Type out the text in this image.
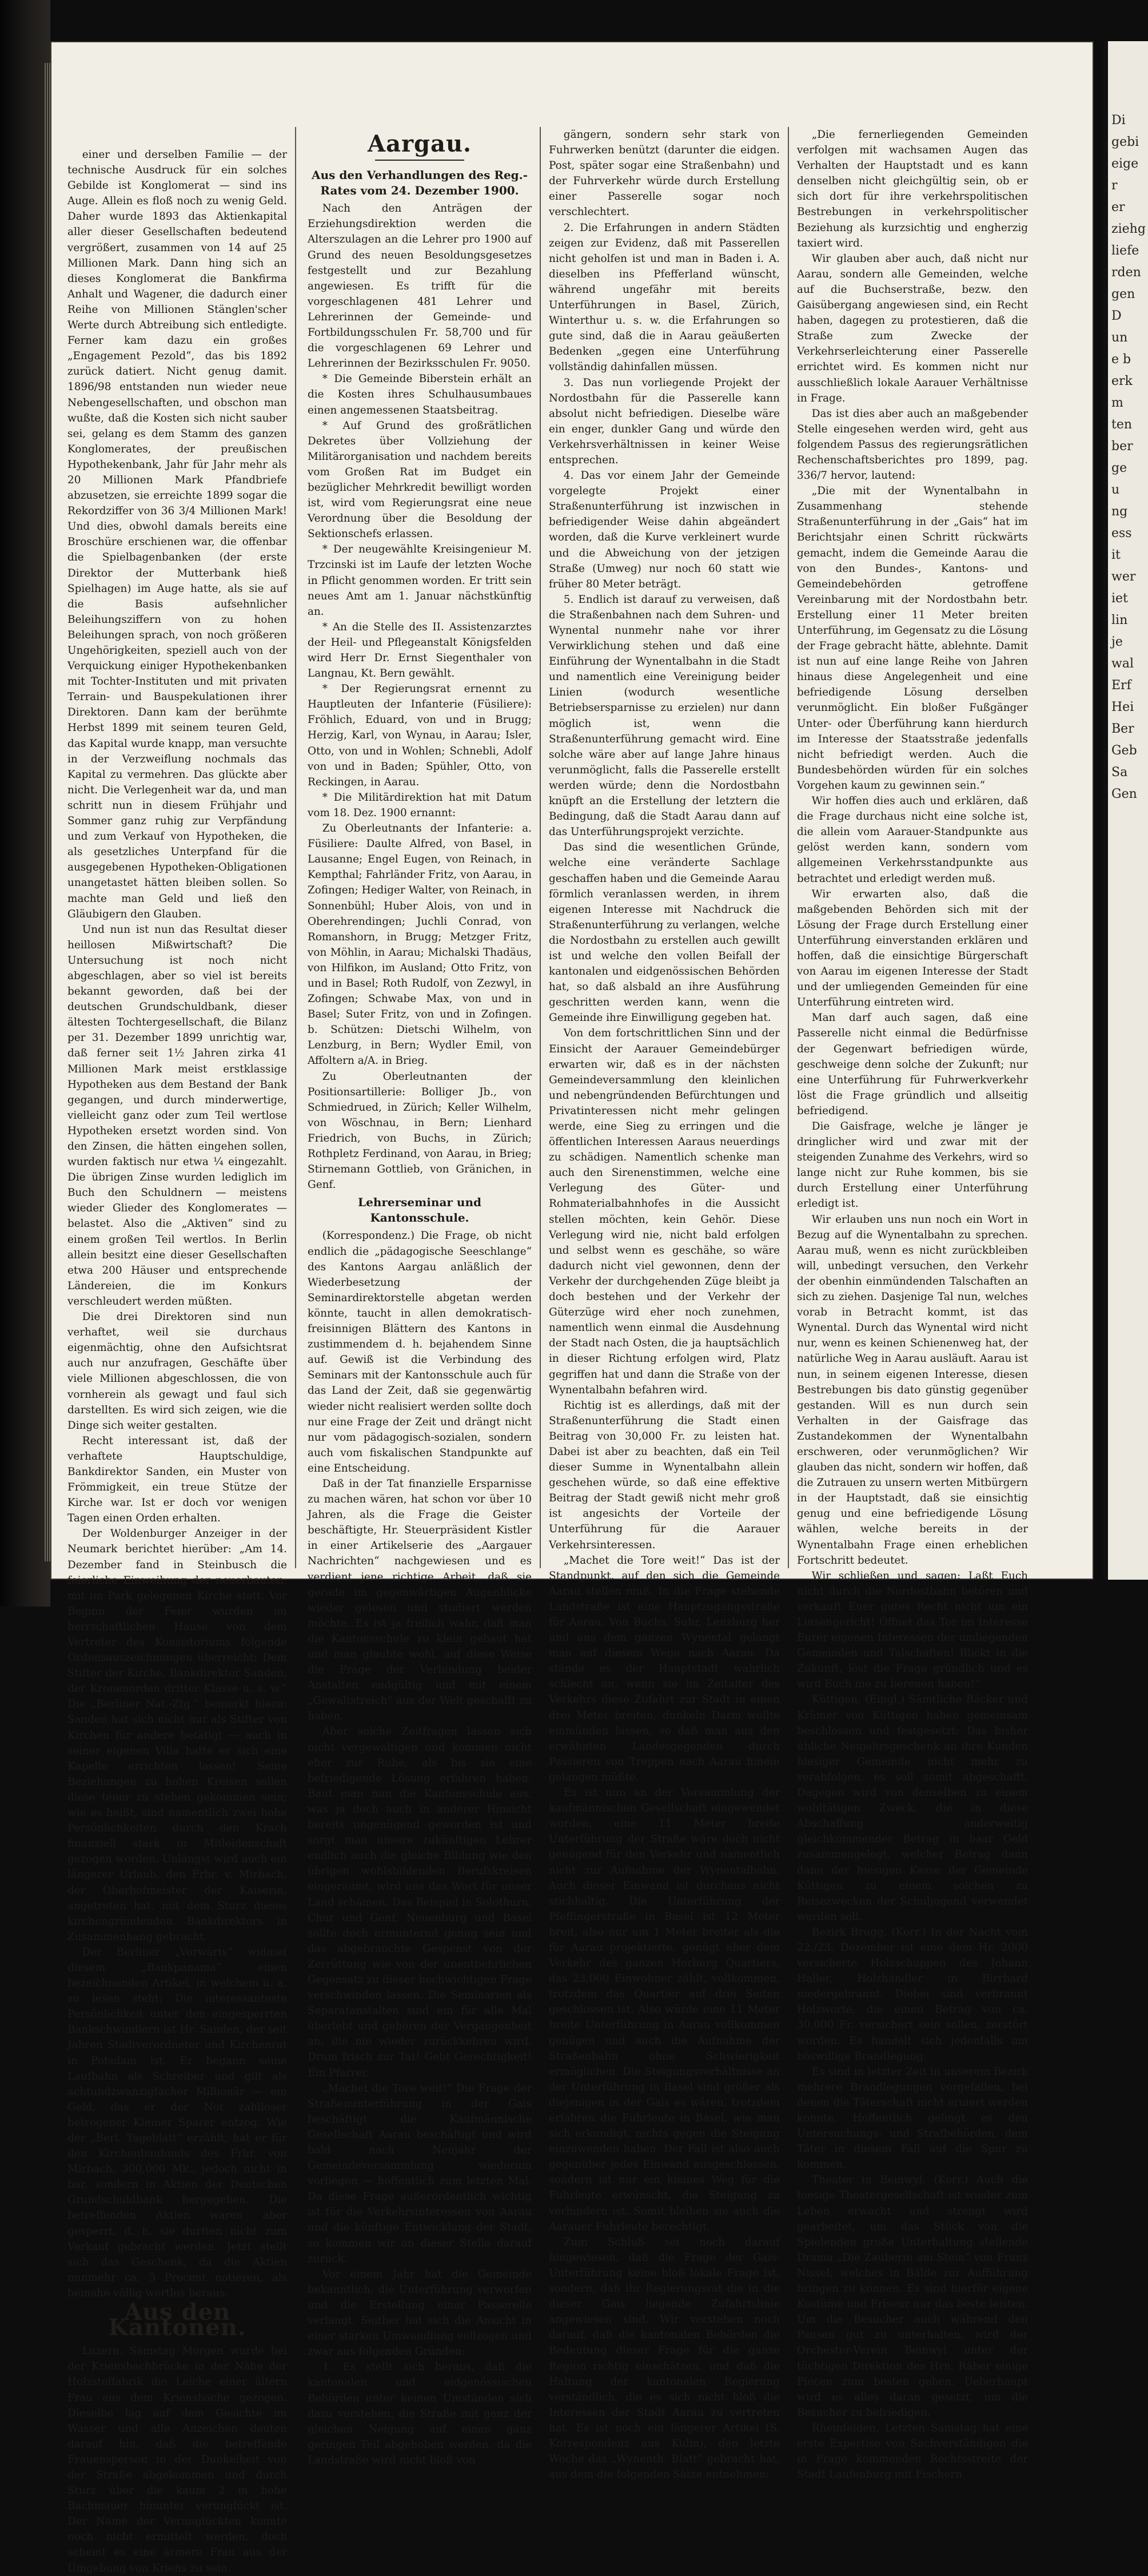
einer und derselben Familie — der technische Ausdruck für ein solches Gebilde ist Konglomerat — sind ins Auge. Allein es floß noch zu wenig Geld. Daher wurde 1893 das Aktienkapital aller dieser Gesellschaften bedeutend vergrößert, zusammen von 14 auf 25 Millionen Mark. Dann hing sich an dieses Konglomerat die Bankfirma Anhalt und Wagener, die dadurch einer Reihe von Millionen Stänglen'scher Werte durch Abtreibung sich entledigte. Ferner kam dazu ein großes „Engagement Pezold“, das bis 1892 zurück datiert. Nicht genug damit. 1896/98 entstanden nun wieder neue Nebengesellschaften, und obschon man wußte, daß die Kosten sich nicht sauber sei, gelang es dem Stamm des ganzen Konglomerates, der preußischen Hypothekenbank, Jahr für Jahr mehr als 20 Millionen Mark Pfandbriefe abzusetzen, sie erreichte 1899 sogar die Rekordziffer von 36 3/4 Millionen Mark! Und dies, obwohl damals bereits eine Broschüre erschienen war, die offenbar die Spielbagenbanken (der erste Direktor der Mutterbank hieß Spielhagen) im Auge hatte, als sie auf die Basis aufsehnlicher Beleihungsziffern von zu hohen Beleihungen sprach, von noch größeren Ungehörigkeiten, speziell auch von der Verquickung einiger Hypothekenbanken mit Tochter-Instituten und mit privaten Terrain- und Bauspekulationen ihrer Direktoren. Dann kam der berühmte Herbst 1899 mit seinem teuren Geld, das Kapital wurde knapp, man versuchte in der Verzweiflung nochmals das Kapital zu vermehren. Das glückte aber nicht. Die Verlegenheit war da, und man schritt nun in diesem Frühjahr und Sommer ganz ruhig zur Verpfändung und zum Verkauf von Hypotheken, die als gesetzliches Unterpfand für die ausgegebenen Hypotheken-Obligationen unangetastet hätten bleiben sollen. So machte man Geld und ließ den Gläubigern den Glauben.

Und nun ist nun das Resultat dieser heillosen Mißwirtschaft? Die Untersuchung ist noch nicht abgeschlagen, aber so viel ist bereits bekannt geworden, daß bei der deutschen Grundschuldbank, dieser ältesten Tochtergesellschaft, die Bilanz per 31. Dezember 1899 unrichtig war, daß ferner seit 1½ Jahren zirka 41 Millionen Mark meist erstklassige Hypotheken aus dem Bestand der Bank gegangen, und durch minderwertige, vielleicht ganz oder zum Teil wertlose Hypotheken ersetzt worden sind. Von den Zinsen, die hätten eingehen sollen, wurden faktisch nur etwa ¼ eingezahlt. Die übrigen Zinse wurden lediglich im Buch den Schuldnern — meistens wieder Glieder des Konglomerates — belastet. Also die „Aktiven“ sind zu einem großen Teil wertlos. In Berlin allein besitzt eine dieser Gesellschaften etwa 200 Häuser und entsprechende Ländereien, die im Konkurs verschleudert werden müßten.

Die drei Direktoren sind nun verhaftet, weil sie durchaus eigenmächtig, ohne den Aufsichtsrat auch nur anzufragen, Geschäfte über viele Millionen abgeschlossen, die von vornherein als gewagt und faul sich darstellten. Es wird sich zeigen, wie die Dinge sich weiter gestalten.

Recht interessant ist, daß der verhaftete Hauptschuldige, Bankdirektor Sanden, ein Muster von Frömmigkeit, ein treue Stütze der Kirche war. Ist er doch vor wenigen Tagen einen Orden erhalten.

Der Woldenburger Anzeiger in der Neumark berichtet hierüber: „Am 14. Dezember fand in Steinbusch die feierliche Einweihung der neuerbauten, mit im Park gelegenen Kirche statt. Vor Beginn der Feier wurden im herrschaftlichen Hause von dem Vertreter des Konsistoriums folgende Ordensauszeichnungen überreicht: Dem Stifter der Kirche, Bankdirektor Sanden, der Kronenorden dritter Klasse u. s. w.“ Die „Berliner Nat.-Ztg.“ bemerkt hiezu: Sanden hat sich nicht nur als Stifter von Kirchen für andere betätigt — auch in seiner eigenen Villa hatte er sich eine Kapelle errichten lassen! Seine Beziehungen zu hohen Kreisen sollen diese teuer zu stehen gekommen sein; wie es heißt, sind namentlich zwei hohe Persönlichkeiten durch den Krach finanziell stark in Mitleidenschaft gezogen worden. Unlängst wird auch ein längerer Urlaub, den Frhr. v. Mirbach, der Oberhofmeister der Kaiserin, angetreten hat, mit dem Sturz dieses kirchengründenden Bankdirektors in Zusammenhang gebracht.

Der Berliner „Vorwärts“ widmet diesem „Bankpanama“ einen bezeichnenden Artikel, in welchem u. a. zu lesen steht: Die interessanteste Persönlichkeit unter den eingesperrten Bankschwindlern ist Hr. Sanden, der seit Jahren Stadtverordneter und Kirchenrat in Potsdam ist. Er begann seine Laufbahn als Schreiber und gilt als achtundzwanzigfacher Millionär — ein Geld, das er der Not zahlloser betrogener Kleiner Sparer entzog. Wie der „Berl. Tageblatt“ erzählt, hat er für den Kirchenbaufonds des Frhr. von Mirbach, 300,000 Mk., jedoch nicht in bar, sondern in Aktien der Deutschen Grundschuldbank hergegeben. Die betreffenden Aktien waren aber gesperrt, d. h. sie durften nicht zum Verkauf gebracht werden. Jetzt stellt sich das Geschenk, da die Aktien nunmehr ca. 5 Procent notieren, als beinahe völlig wertlos heraus.

Aus den Kantonen.

Luzern. Samstag Morgen wurde bei der Kriensbachbrücke in der Nähe der Holzstoffabrik die Leiche einer ältern Frau aus dem Kriensbache gezogen. Dieselbe lag auf dem Gesichte im Wasser und alle Anzeichen deuten darauf hin, daß die betreffende Frauensperson in der Dunkelheit von der Straße abgekommen und durch Sturz über die kaum 2 m hohe Bachmauer hinunter verunglückt ist. Der Name der Verunglückten konnte noch nicht ermittelt werden, doch scheint es eine ärmere Frau aus der Umgebung von Kriens zu sein.

Aargau.
Aus den Verhandlungen des Reg.-Rates vom 24. Dezember 1900.

Nach den Anträgen der Erziehungsdirektion werden die Alterszulagen an die Lehrer pro 1900 auf Grund des neuen Besoldungsgesetzes festgestellt und zur Bezahlung angewiesen. Es trifft für die vorgeschlagenen 481 Lehrer und Lehrerinnen der Gemeinde- und Fortbildungsschulen Fr. 58,700 und für die vorgeschlagenen 69 Lehrer und Lehrerinnen der Bezirksschulen Fr. 9050.

* Die Gemeinde Biberstein erhält an die Kosten ihres Schulhausumbaues einen angemessenen Staatsbeitrag.

* Auf Grund des großrätlichen Dekretes über Vollziehung der Militärorganisation und nachdem bereits vom Großen Rat im Budget ein bezüglicher Mehrkredit bewilligt worden ist, wird vom Regierungsrat eine neue Verordnung über die Besoldung der Sektionschefs erlassen.

* Der neugewählte Kreisingenieur M. Trzcinski ist im Laufe der letzten Woche in Pflicht genommen worden. Er tritt sein neues Amt am 1. Januar nächstkünftig an.

* An die Stelle des II. Assistenzarztes der Heil- und Pflegeanstalt Königsfelden wird Herr Dr. Ernst Siegenthaler von Langnau, Kt. Bern gewählt.

* Der Regierungsrat ernennt zu Hauptleuten der Infanterie (Füsiliere): Fröhlich, Eduard, von und in Brugg; Herzig, Karl, von Wynau, in Aarau; Isler, Otto, von und in Wohlen; Schnebli, Adolf von und in Baden; Spühler, Otto, von Reckingen, in Aarau.

* Die Militärdirektion hat mit Datum vom 18. Dez. 1900 ernannt:

Zu Oberleutnants der Infanterie: a. Füsiliere: Daulte Alfred, von Basel, in Lausanne; Engel Eugen, von Reinach, in Kempthal; Fahrländer Fritz, von Aarau, in Zofingen; Hediger Walter, von Reinach, in Sonnenbühl; Huber Alois, von und in Oberehrendingen; Juchli Conrad, von Romanshorn, in Brugg; Metzger Fritz, von Möhlin, in Aarau; Michalski Thadäus, von Hilfikon, im Ausland; Otto Fritz, von und in Basel; Roth Rudolf, von Zezwyl, in Zofingen; Schwabe Max, von und in Basel; Suter Fritz, von und in Zofingen. b. Schützen: Dietschi Wilhelm, von Lenzburg, in Bern; Wydler Emil, von Affoltern a/A. in Brieg.

Zu Oberleutnanten der Positionsartillerie: Bolliger Jb., von Schmiedrued, in Zürich; Keller Wilhelm, von Wöschnau, in Bern; Lienhard Friedrich, von Buchs, in Zürich; Rothpletz Ferdinand, von Aarau, in Brieg; Stirnemann Gottlieb, von Gränichen, in Genf.

Lehrerseminar und Kantonsschule.

(Korrespondenz.) Die Frage, ob nicht endlich die „pädagogische Seeschlange“ des Kantons Aargau anläßlich der Wiederbesetzung der Seminardirektorstelle abgetan werden könnte, taucht in allen demokratisch-freisinnigen Blättern des Kantons in zustimmendem d. h. bejahendem Sinne auf. Gewiß ist die Verbindung des Seminars mit der Kantonsschule auch für das Land der Zeit, daß sie gegenwärtig wieder nicht realisiert werden sollte doch nur eine Frage der Zeit und drängt nicht nur vom pädagogisch-sozialen, sondern auch vom fiskalischen Standpunkte auf eine Entscheidung.

Daß in der Tat finanzielle Ersparnisse zu machen wären, hat schon vor über 10 Jahren, als die Frage die Geister beschäftigte, Hr. Steuerpräsident Kistler in einer Artikelserie des „Aargauer Nachrichten“ nachgewiesen und es verdient jene richtige Arbeit, daß sie gerade im gegenwärtigen Augenblicke wieder gelesen und studiert werden möchte. Es ist ja freilich wahr, daß man die Kantonsschule zu klein gebaut hat und man glaubte wohl, auf diese Weise die Frage der Verbindung beider Anstalten endgültig und mit einem „Gewaltstreich“ aus der Welt geschafft zu haben.

Aber solche Zeitfragen lassen sich nicht vergewaltigen und kommen nicht eher zur Ruhe, als bis sie eine befriedigende Lösung erfahren haben. Baut man nun die Kantonsschule aus, was ja doch auch in anderer Hinsicht bereits ungenügend geworden ist und sorgt man unsere zukünftigen Lehrer endlich auch die gleiche Bildung wie den übrigen wohlsbildenden Berufskreisen eingeräumt, wird uns das Wort für unser Land schämen. Das Beispiel in Solothurn, Chur und Genf, Neuenburg und Basel sollte doch ermunternd genug sein und das abgebrauchte Gespenst von der Zerrüttung wie von der unentbehrlichen Gegensatz zu dieser hochwichtigen Frage verschwinden lassen. Die Seminarien als Separatanstalten sind ein für alle Mal überlebt und gehören der Vergangenheit an, die nie wieder zurückkehren wird. Drum frisch zur Tat! Gebt Gerechtigkeit! Ein Pfarrer.

„Machet die Tore weit!“ Die Frage der Straßenunterführung in der Gais beschäftigt die Kaufmännische Gesellschaft Aarau beschäftigt und wird bald nach Neujahr der Gemeindeversammlung wiederum vorliegen — hoffentlich zum letzten Mal. Da diese Frage außerordentlich wichtig ist für die Verkehrsinteressen von Aarau und die künftige Entwicklung der Stadt, so kommen wir an dieser Stelle darauf zurück.

Vor einem Jahr hat die Gemeinde bekanntlich, die Unterführung verworfen und die Erstellung einer Passerelle verlangt. Seither hat sich die Ansicht in einer starken Umwandlung vollzogen und zwar aus folgenden Gründen:

1. Es stellt sich heraus, daß die kantonalen und eidgenössischen Behörden unter keinen Umständen sich dazu verstehen, die Straße mit ganz der gleichen Neigung auf einen ganz geringen Teil abgehoben werden, da die Landstraße wird nicht bloß von

gängern, sondern sehr stark von Fuhrwerken benützt (darunter die eidgen. Post, später sogar eine Straßenbahn) und der Fuhrverkehr würde durch Erstellung einer Passerelle sogar noch verschlechtert.

2. Die Erfahrungen in andern Städten zeigen zur Evidenz, daß mit Passerellen nicht geholfen ist und man in Baden i. A. dieselben ins Pfefferland wünscht, während ungefähr mit bereits Unterführungen in Basel, Zürich, Winterthur u. s. w. die Erfahrungen so gute sind, daß die in Aarau geäußerten Bedenken „gegen eine Unterführung vollständig dahinfallen müssen.

3. Das nun vorliegende Projekt der Nordostbahn für die Passerelle kann absolut nicht befriedigen. Dieselbe wäre ein enger, dunkler Gang und würde den Verkehrsverhältnissen in keiner Weise entsprechen.

4. Das vor einem Jahr der Gemeinde vorgelegte Projekt einer Straßenunterführung ist inzwischen in befriedigender Weise dahin abgeändert worden, daß die Kurve verkleinert wurde und die Abweichung von der jetzigen Straße (Umweg) nur noch 60 statt wie früher 80 Meter beträgt.

5. Endlich ist darauf zu verweisen, daß die Straßenbahnen nach dem Suhren- und Wynental nunmehr nahe vor ihrer Verwirklichung stehen und daß eine Einführung der Wynentalbahn in die Stadt und namentlich eine Vereinigung beider Linien (wodurch wesentliche Betriebsersparnisse zu erzielen) nur dann möglich ist, wenn die Straßenunterführung gemacht wird. Eine solche wäre aber auf lange Jahre hinaus verunmöglicht, falls die Passerelle erstellt werden würde; denn die Nordostbahn knüpft an die Erstellung der letztern die Bedingung, daß die Stadt Aarau dann auf das Unterführungsprojekt verzichte.

Das sind die wesentlichen Gründe, welche eine veränderte Sachlage geschaffen haben und die Gemeinde Aarau förmlich veranlassen werden, in ihrem eigenen Interesse mit Nachdruck die Straßenunterführung zu verlangen, welche die Nordostbahn zu erstellen auch gewillt ist und welche den vollen Beifall der kantonalen und eidgenössischen Behörden hat, so daß alsbald an ihre Ausführung geschritten werden kann, wenn die Gemeinde ihre Einwilligung gegeben hat.

Von dem fortschrittlichen Sinn und der Einsicht der Aarauer Gemeindebürger erwarten wir, daß es in der nächsten Gemeindeversammlung den kleinlichen und nebengründenden Befürchtungen und Privatinteressen nicht mehr gelingen werde, eine Sieg zu erringen und die öffentlichen Interessen Aaraus neuerdings zu schädigen. Namentlich schenke man auch den Sirenenstimmen, welche eine Verlegung des Güter- und Rohmaterialbahnhofes in die Aussicht stellen möchten, kein Gehör. Diese Verlegung wird nie, nicht bald erfolgen und selbst wenn es geschähe, so wäre dadurch nicht viel gewonnen, denn der Verkehr der durchgehenden Züge bleibt ja doch bestehen und der Verkehr der Güterzüge wird eher noch zunehmen, namentlich wenn einmal die Ausdehnung der Stadt nach Osten, die ja hauptsächlich in dieser Richtung erfolgen wird, Platz gegriffen hat und dann die Straße von der Wynentalbahn befahren wird.

Richtig ist es allerdings, daß mit der Straßenunterführung die Stadt einen Beitrag von 30,000 Fr. zu leisten hat. Dabei ist aber zu beachten, daß ein Teil dieser Summe in Wynentalbahn allein geschehen würde, so daß eine effektive Beitrag der Stadt gewiß nicht mehr groß ist angesichts der Vorteile der Unterführung für die Aarauer Verkehrsinteressen.

„Machet die Tore weit!“ Das ist der Standpunkt, auf den sich die Gemeinde Aarau stellen muß. In die Frage stehende Landstraße ist eine Hauptzugangsstraße für Aarau. Von Buchs, Suhr, Lenzburg her und aus dem ganzen Wynental gelangt man auf diesem Wege nach Aarau. Da stände es der Hauptstadt wahrlich schlecht an, wenn sie im Zeitalter des Verkehrs diese Zufahrt zur Stadt in einen drei Meter breiten, dunkeln Darm wollte einmünden lassen, so daß man aus den erwähnten Landesgegenden durch Passieren von Treppen nach Aarau hinein gelangen müßte.

Es ist nun an der Versammlung der kaufmännischen Gesellschaft eingewendet worden, eine 11 Meter breite Unterführung der Straße wäre doch nicht genügend für den Verkehr und namentlich nicht zur Aufnahme der Wynentalbahn. Auch dieser Einwand ist durchaus nicht stichhaltig. Die Unterführung der Pfeffingerstraße in Basel ist 12 Meter breit, also nur um 1 Meter breiter als die für Aarau projektierte, genügt aber dem Verkehr des ganzen Horburg Quartiers, das 23,000 Einwohner zählt, vollkommen, trotzdem das Quartier auf drei Seiten geschlossen ist. Also würde eine 11 Meter breite Unterführung in Aarau vollkommen genügen und auch die Aufnahme der Straßenbahn ohne Schwierigkeit ermöglichen. Die Steigungsverhältnisse an der Unterführung in Basel sind größer als diejenigen in der Gais es wären, trotzdem erfahren die Fuhrleute in Basel, wie man sich erkundigt, nichts gegen die Steigung einzuwenden haben. Der Fall ist also auch gegenüber jedes Einwand ausgeschlossen, sondern ist nur ein kleines Weg für die Fuhrleute erwünscht, die Steigung zu verhindern ist. Somit bleiben sie auch die Aarauer Fuhrleute berechtigt.

Zum Schluß sei noch darauf hingewiesen, daß die Frage der Gais-Unterführung keine bloß lokale Frage ist, sondern, daß ihr Regierungsrat die in die dieser Gais liegende Zufahrtslinie angewiesen sind. Wir verstehen noch darauf, daß die kantonalen Behörden die Bedeutung dieser Frage für die ganze Region richtig einschätzen, und daß die Haltung der kantonalen Regierung verständlich, die es sich nicht bloß die Interessen der Stadt Aarau zu vertreten hat. Es ist noch ein längerer Artikel (S. Korrespondenz aus Kulm), den letzte Woche das „Wynenth. Blatt“ gebracht hat, aus dem die folgenden Sätze entnehmen:

„Die fernerliegenden Gemeinden verfolgen mit wachsamen Augen das Verhalten der Hauptstadt und es kann denselben nicht gleichgültig sein, ob er sich dort für ihre verkehrspolitischen Bestrebungen in verkehrspolitischer Beziehung als kurzsichtig und engherzig taxiert wird.

Wir glauben aber auch, daß nicht nur Aarau, sondern alle Gemeinden, welche auf die Buchserstraße, bezw. den Gaisübergang angewiesen sind, ein Recht haben, dagegen zu protestieren, daß die Straße zum Zwecke der Verkehrserleichterung einer Passerelle errichtet wird. Es kommen nicht nur ausschließlich lokale Aarauer Verhältnisse in Frage.

Das ist dies aber auch an maßgebender Stelle eingesehen werden wird, geht aus folgendem Passus des regierungsrätlichen Rechenschaftsberichtes pro 1899, pag. 336/7 hervor, lautend:

„Die mit der Wynentalbahn in Zusammenhang stehende Straßenunterführung in der „Gais“ hat im Berichtsjahr einen Schritt rückwärts gemacht, indem die Gemeinde Aarau die von den Bundes-, Kantons- und Gemeindebehörden getroffene Vereinbarung mit der Nordostbahn betr. Erstellung einer 11 Meter breiten Unterführung, im Gegensatz zu die Lösung der Frage gebracht hätte, ablehnte. Damit ist nun auf eine lange Reihe von Jahren hinaus diese Angelegenheit und eine befriedigende Lösung derselben verunmöglicht. Ein bloßer Fußgänger Unter- oder Überführung kann hierdurch im Interesse der Staatsstraße jedenfalls nicht befriedigt werden. Auch die Bundesbehörden würden für ein solches Vorgehen kaum zu gewinnen sein.“

Wir hoffen dies auch und erklären, daß die Frage durchaus nicht eine solche ist, die allein vom Aarauer-Standpunkte aus gelöst werden kann, sondern vom allgemeinen Verkehrsstandpunkte aus betrachtet und erledigt werden muß.

Wir erwarten also, daß die maßgebenden Behörden sich mit der Lösung der Frage durch Erstellung einer Unterführung einverstanden erklären und hoffen, daß die einsichtige Bürgerschaft von Aarau im eigenen Interesse der Stadt und der umliegenden Gemeinden für eine Unterführung eintreten wird.

Man darf auch sagen, daß eine Passerelle nicht einmal die Bedürfnisse der Gegenwart befriedigen würde, geschweige denn solche der Zukunft; nur eine Unterführung für Fuhrwerkverkehr löst die Frage gründlich und allseitig befriedigend.

Die Gaisfrage, welche je länger je dringlicher wird und zwar mit der steigenden Zunahme des Verkehrs, wird so lange nicht zur Ruhe kommen, bis sie durch Erstellung einer Unterführung erledigt ist.

Wir erlauben uns nun noch ein Wort in Bezug auf die Wynentalbahn zu sprechen. Aarau muß, wenn es nicht zurückbleiben will, unbedingt versuchen, den Verkehr der obenhin einmündenden Talschaften an sich zu ziehen. Dasjenige Tal nun, welches vorab in Betracht kommt, ist das Wynental. Durch das Wynental wird nicht nur, wenn es keinen Schienenweg hat, der natürliche Weg in Aarau ausläuft. Aarau ist nun, in seinem eigenen Interesse, diesen Bestrebungen bis dato günstig gegenüber gestanden. Will es nun durch sein Verhalten in der Gaisfrage das Zustandekommen der Wynentalbahn erschweren, oder verunmöglichen? Wir glauben das nicht, sondern wir hoffen, daß die Zutrauen zu unsern werten Mitbürgern in der Hauptstadt, daß sie einsichtig genug und eine befriedigende Lösung wählen, welche bereits in der Wynentalbahn Frage einen erheblichen Fortschritt bedeutet.

Wir schließen und sagen: Laßt Euch nicht durch die Nordostbahn betören und verkauft Euer gutes Recht nicht um ein Linsengericht! Öffnet das Tor im Interesse Eurer eigenen Interessen der umliegenden Gemeinden und Talschaften! Blickt in die Zukunft, löst die Frage gründlich und es wird Euch nie zu bereuen haben!“

Küttigen. (Eingl.) Sämtliche Bäcker und Krämer von Küttigen haben gemeinsam beschlossen und festgesetzt: Das bisher übliche Neujahrsgeschenk an ihre Kunden hiesiger Gemeinde nicht mehr zu verabfolgen, es soll somit abgeschafft. Dagegen wird von denselben zu einem wohltätigen Zweck, die in diese Abschaffung anderweitig gleichkommender Betrag in baar Geld zusammengelegt, welcher Betrag dann dann der hiesigen Kasse der Gemeinde Küttigen zu einem solchen zu Reisezwecken der Schuljugend verwendet werden soll.

Bezirk Brugg. (Korr.) In der Nacht vom 22./23. Dezember ist eine dem Hr. 2000 versicherte Holzschuppen des Johann Haller, Holzhändler in Birrhard niedergebrannt. Diebei sind verbrannt Holzworte, die einen Betrag von ca. 30,000 Fr. versichert sein sollen, zerstört worden. Es handelt sich jedenfalls um böswillige Brandlegung.

Es sind in letzter Zeit in unserem Bezirk mehrere Brandlegungen vorgefallen, bei denen die Täterschaft nicht eruiert werden konnte. Hoffentlich gelingt es den Untersuchungs- und Strafbehörden, dem Täter in diesem Fall auf die Spur zu kommen.

Theater in Beinwyl. (Korr.) Auch die hiesige Theatergesellschaft ist wieder zum Leben erwacht und strengt wird gearbeitet, um das Stück von die Spielenden große Unterhaltung stellende Drama „Die Zauberin am Stein“ von Franz Nissel, welches in Bälde zur Aufführung bringen zu können. Es sind hierfür eigene Kostüme und Friseur nur das beste leisten. Um die Besucher auch während den Pausen gut zu unterhalten, wird der Orchester-Verein Beinwyl unter der tüchtigen Direktion des Hrn. Räber einige Piecen zum besten geben. Ueberhaupt wird es alles daran gesetzt, um die Besucher zu befriedigen.

Rheinfelden. Letzten Samstag hat eine erste Expertise von Sachverständigen die in Frage kommenden Rechtsstreite der Stadt Laufenburg mit Fischern

Di
gebi
eige
r
er
ziehg
liefe
rden
gen
D
un
e b
erk
m
ten
ber
ge
u
ng
ess
it
wer
iet
lin
je
wal
Erf
Hei
Ber
Geb
Sa
Gen
